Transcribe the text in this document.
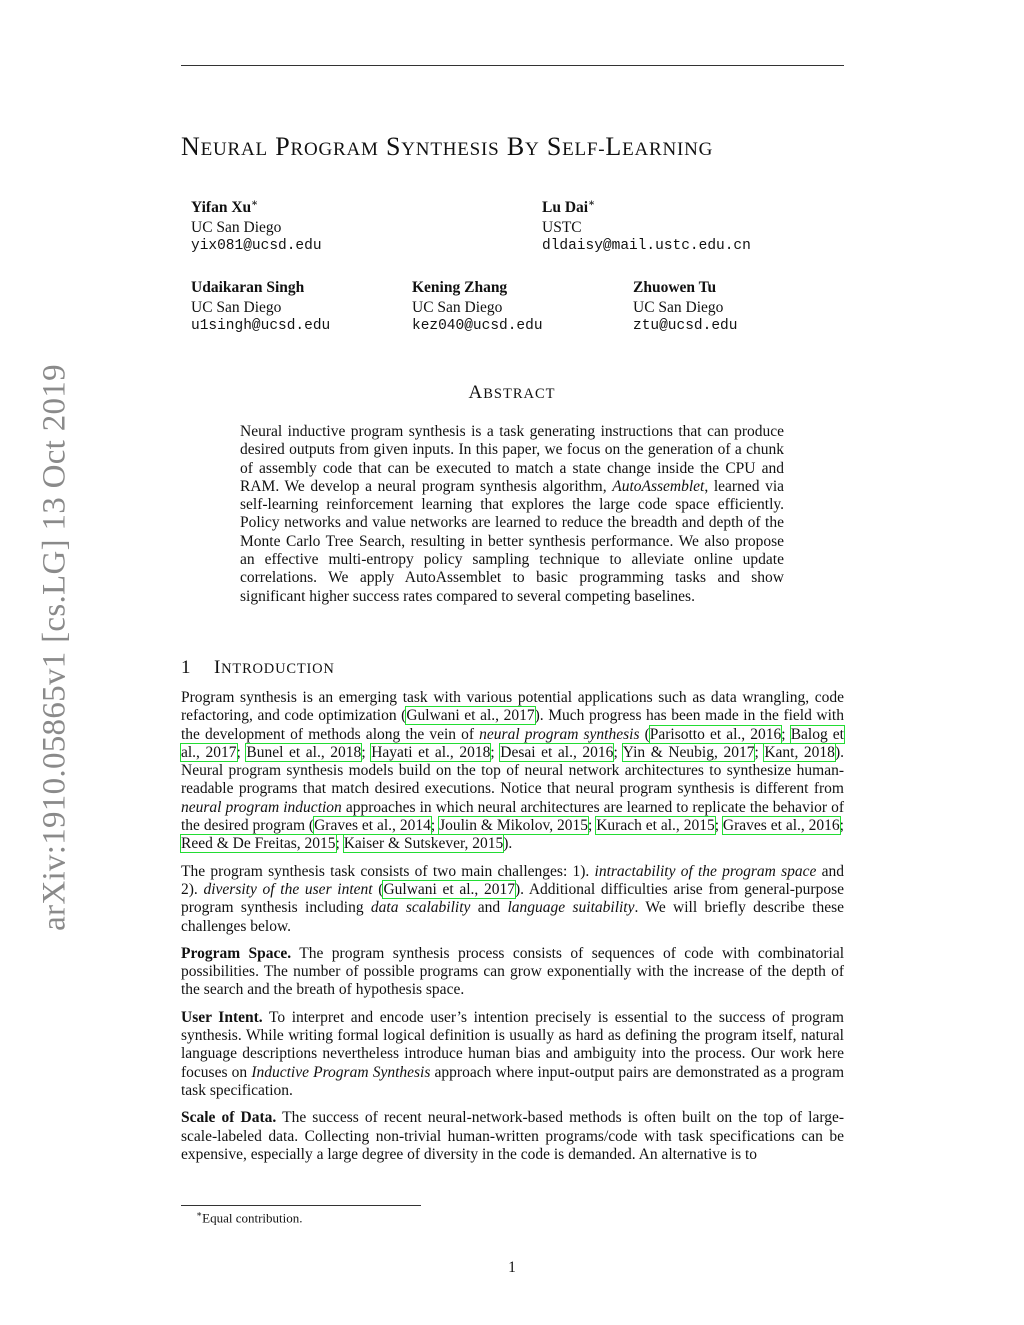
NEURAL PROGRAM SYNTHESIS BY SELF-LEARNING
Yifan Xu∗
UC San Diego
yix081@ucsd.edu
Lu Dai∗
USTC
dldaisy@mail.ustc.edu.cn
Udaikaran Singh
UC San Diego
u1singh@ucsd.edu
Kening Zhang
UC San Diego
kez040@ucsd.edu
Zhuowen Tu
UC San Diego
ztu@ucsd.edu
arXiv:1910.05865v1 [cs.LG] 13 Oct 2019	ABSTRACT
Neural inductive program synthesis is a task generating instructions that can produce desired outputs from given inputs. In this paper, we focus on the generation of a chunk of assembly code that can be executed to match a state change inside the CPU and RAM. We develop a neural program synthesis algorithm, AutoAssemblet, learned via self-learning reinforcement learning that explores the large code space efficiently. Policy networks and value networks are learned to reduce the breadth and depth of the Monte Carlo Tree Search, resulting in better synthesis performance. We also propose an effective multi-entropy policy sampling technique to alleviate online update correlations. We apply AutoAssemblet to basic programming tasks and show significant higher success rates compared to several competing baselines.
1 INTRODUCTION

Program synthesis is an emerging task with various potential applications such as data wrangling, code refactoring, and code optimization (Gulwani et al., 2017). Much progress has been made in the field with the development of methods along the vein of neural program synthesis (Parisotto et al., 2016; Balog et al., 2017; Bunel et al., 2018; Hayati et al., 2018; Desai et al., 2016; Yin & Neubig, 2017; Kant, 2018). Neural program synthesis models build on the top of neural network architectures to synthesize human-readable programs that match desired executions. Notice that neural program synthesis is different from neural program induction approaches in which neural architectures are learned to replicate the behavior of the desired program (Graves et al., 2014; Joulin & Mikolov, 2015; Kurach et al., 2015; Graves et al., 2016; Reed & De Freitas, 2015; Kaiser & Sutskever, 2015).

The program synthesis task consists of two main challenges: 1). intractability of the program space and 2). diversity of the user intent (Gulwani et al., 2017). Additional difficulties arise from general-purpose program synthesis including data scalability and language suitability. We will briefly describe these challenges below.

Program Space. The program synthesis process consists of sequences of code with combinatorial possibilities. The number of possible programs can grow exponentially with the increase of the depth of the search and the breath of hypothesis space.

User Intent. To interpret and encode user’s intention precisely is essential to the success of program synthesis. While writing formal logical definition is usually as hard as defining the program itself, natural language descriptions nevertheless introduce human bias and ambiguity into the process. Our work here focuses on Inductive Program Synthesis approach where input-output pairs are demonstrated as a program task specification.

Scale of Data. The success of recent neural-network-based methods is often built on the top of large-scale-labeled data. Collecting non-trivial human-written programs/code with task specifications can be expensive, especially a large degree of diversity in the code is demanded. An alternative is to

∗Equal contribution.
1
